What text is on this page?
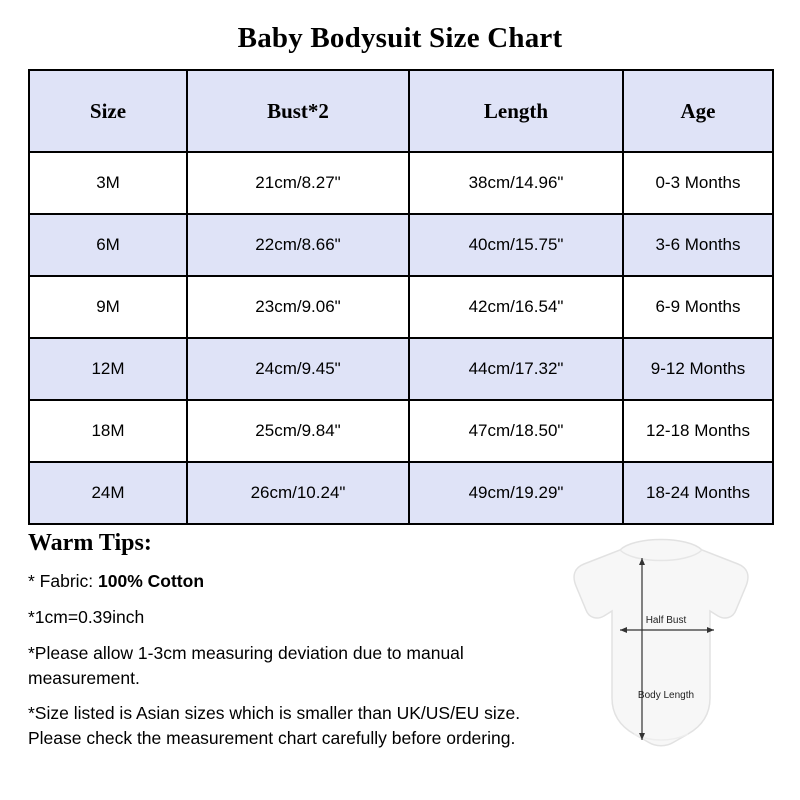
Baby Bodysuit Size Chart
Size	Bust*2	Length	Age
3M	21cm/8.27"	38cm/14.96"	0-3 Months
6M	22cm/8.66"	40cm/15.75"	3-6 Months
9M	23cm/9.06"	42cm/16.54"	6-9 Months
12M	24cm/9.45"	44cm/17.32"	9-12 Months
18M	25cm/9.84"	47cm/18.50"	12-18 Months
24M	26cm/10.24"	49cm/19.29"	18-24 Months
Warm Tips:
* Fabric: 100% Cotton
*1cm=0.39inch
*Please allow 1-3cm measuring deviation due to manual measurement.
*Size listed is Asian sizes which is smaller than UK/US/EU size. Please check the measurement chart carefully before ordering.
Half Bust
Body Length
